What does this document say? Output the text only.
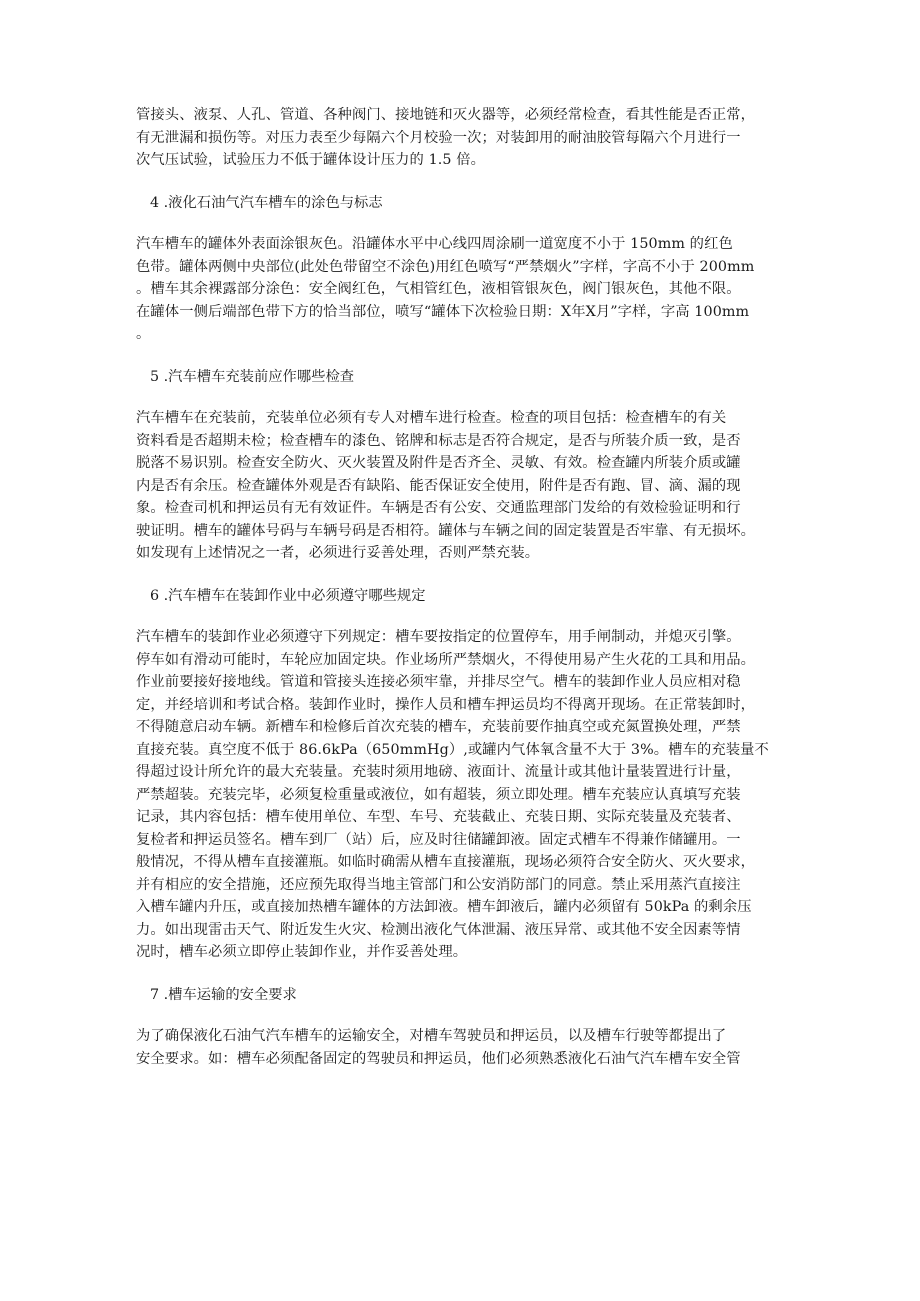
管接头、液泵、人孔、管道、各种阀门、接地链和灭火器等，必须经常检查，看其性能是否正常，

有无泄漏和损伤等。对压力表至少每隔六个月校验一次；对装卸用的耐油胶管每隔六个月进行一

次气压试验，试验压力不低于罐体设计压力的 1.5 倍。

4 .液化石油气汽车槽车的涂色与标志

汽车槽车的罐体外表面涂银灰色。沿罐体水平中心线四周涂刷一道宽度不小于 150mm 的红色

色带。罐体两侧中央部位(此处色带留空不涂色)用红色喷写“严禁烟火”字样，字高不小于 200mm

。槽车其余裸露部分涂色：安全阀红色，气相管红色，液相管银灰色，阀门银灰色，其他不限。

在罐体一侧后端部色带下方的恰当部位，喷写“罐体下次检验日期：X年X月”字样，字高 100mm

。

5 .汽车槽车充装前应作哪些检查

汽车槽车在充装前，充装单位必须有专人对槽车进行检查。检查的项目包括：检查槽车的有关

资料看是否超期未检；检查槽车的漆色、铭牌和标志是否符合规定，是否与所装介质一致，是否

脱落不易识别。检查安全防火、灭火装置及附件是否齐全、灵敏、有效。检查罐内所装介质或罐

内是否有余压。检查罐体外观是否有缺陷、能否保证安全使用，附件是否有跑、冒、滴、漏的现

象。检查司机和押运员有无有效证件。车辆是否有公安、交通监理部门发给的有效检验证明和行

驶证明。槽车的罐体号码与车辆号码是否相符。罐体与车辆之间的固定装置是否牢靠、有无损坏。

如发现有上述情况之一者，必须进行妥善处理，否则严禁充装。

6 .汽车槽车在装卸作业中必须遵守哪些规定

汽车槽车的装卸作业必须遵守下列规定：槽车要按指定的位置停车，用手闸制动，并熄灭引擎。

停车如有滑动可能时，车轮应加固定块。作业场所严禁烟火，不得使用易产生火花的工具和用品。

作业前要接好接地线。管道和管接头连接必须牢靠，并排尽空气。槽车的装卸作业人员应相对稳

定，并经培训和考试合格。装卸作业时，操作人员和槽车押运员均不得离开现场。在正常装卸时，

不得随意启动车辆。新槽车和检修后首次充装的槽车，充装前要作抽真空或充氮置换处理，严禁

直接充装。真空度不低于 86.6kPa（650mmHg）,或罐内气体氧含量不大于 3%。槽车的充装量不

得超过设计所允许的最大充装量。充装时须用地磅、液面计、流量计或其他计量装置进行计量，

严禁超装。充装完毕，必须复检重量或液位，如有超装，须立即处理。槽车充装应认真填写充装

记录，其内容包括：槽车使用单位、车型、车号、充装截止、充装日期、实际充装量及充装者、

复检者和押运员签名。槽车到厂（站）后，应及时往储罐卸液。固定式槽车不得兼作储罐用。一

般情况，不得从槽车直接灌瓶。如临时确需从槽车直接灌瓶，现场必须符合安全防火、灭火要求，

并有相应的安全措施，还应预先取得当地主管部门和公安消防部门的同意。禁止采用蒸汽直接注

入槽车罐内升压，或直接加热槽车罐体的方法卸液。槽车卸液后，罐内必须留有 50kPa 的剩余压

力。如出现雷击天气、附近发生火灾、检测出液化气体泄漏、液压异常、或其他不安全因素等情

况时，槽车必须立即停止装卸作业，并作妥善处理。

7 .槽车运输的安全要求

为了确保液化石油气汽车槽车的运输安全，对槽车驾驶员和押运员，以及槽车行驶等都提出了

安全要求。如：槽车必须配备固定的驾驶员和押运员，他们必须熟悉液化石油气汽车槽车安全管
